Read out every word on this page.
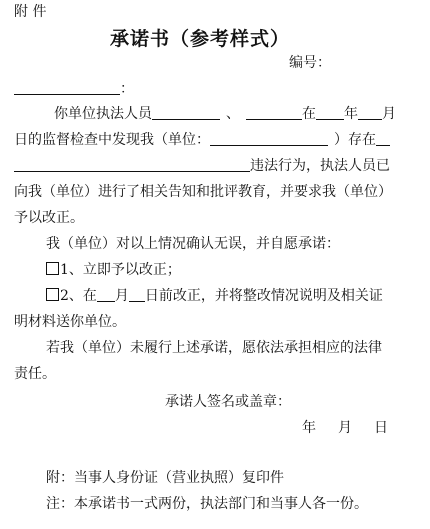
附 件
承诺书（参考样式）
编号：
：
你单位执法人员	、	在 年 月
日的监督检查中发现我（单位：	）存在
违法行为，执法人员已
向我（单位）进行了相关告知和批评教育，并要求我（单位）
予以改正。
我（单位）对以上情况确认无误，并自愿承诺：
1、立即予以改正；
2、在 月 日前改正，并将整改情况说明及相关证
明材料送你单位。
若我（单位）未履行上述承诺，愿依法承担相应的法律
责任。
承诺人签名或盖章：
年 月 日
附：当事人身份证（营业执照）复印件
注：本承诺书一式两份，执法部门和当事人各一份。
